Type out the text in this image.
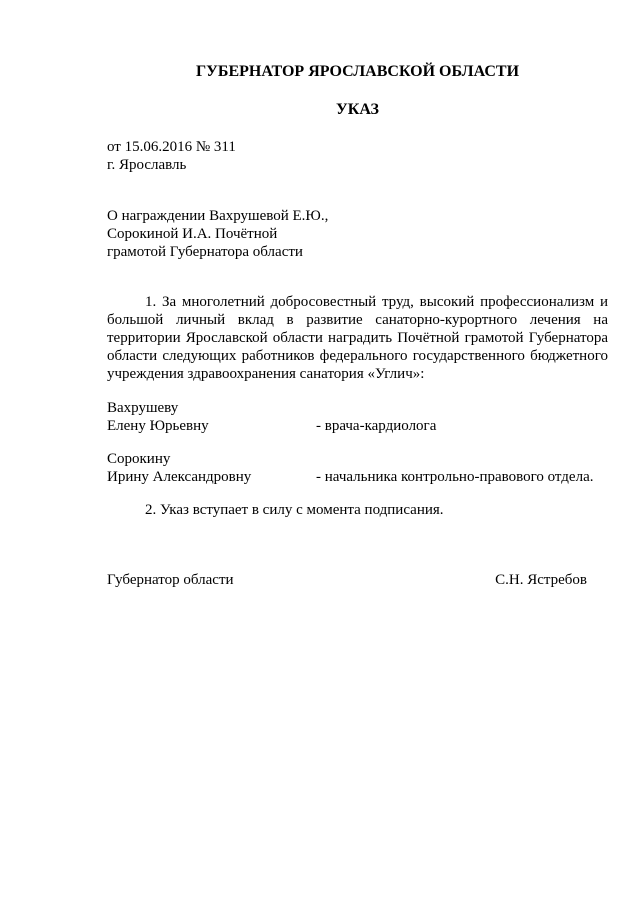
ГУБЕРНАТОР ЯРОСЛАВСКОЙ ОБЛАСТИ
УКАЗ
от 15.06.2016 № 311
г. Ярославль
О награждении Вахрушевой Е.Ю.,
Сорокиной И.А. Почётной
грамотой Губернатора области
1. За многолетний добросовестный труд, высокий профессионализм и
большой личный вклад в развитие санаторно-курортного лечения на
территории Ярославской области наградить Почётной грамотой Губернатора
области следующих работников федерального государственного бюджетного
учреждения здравоохранения санатория «Углич»:
Вахрушеву
Елену Юрьевну	- врача-кардиолога
Сорокину
Ирину Александровну	- начальника контрольно-правового отдела.
2. Указ вступает в силу с момента подписания.
Губернатор области	С.Н. Ястребов
